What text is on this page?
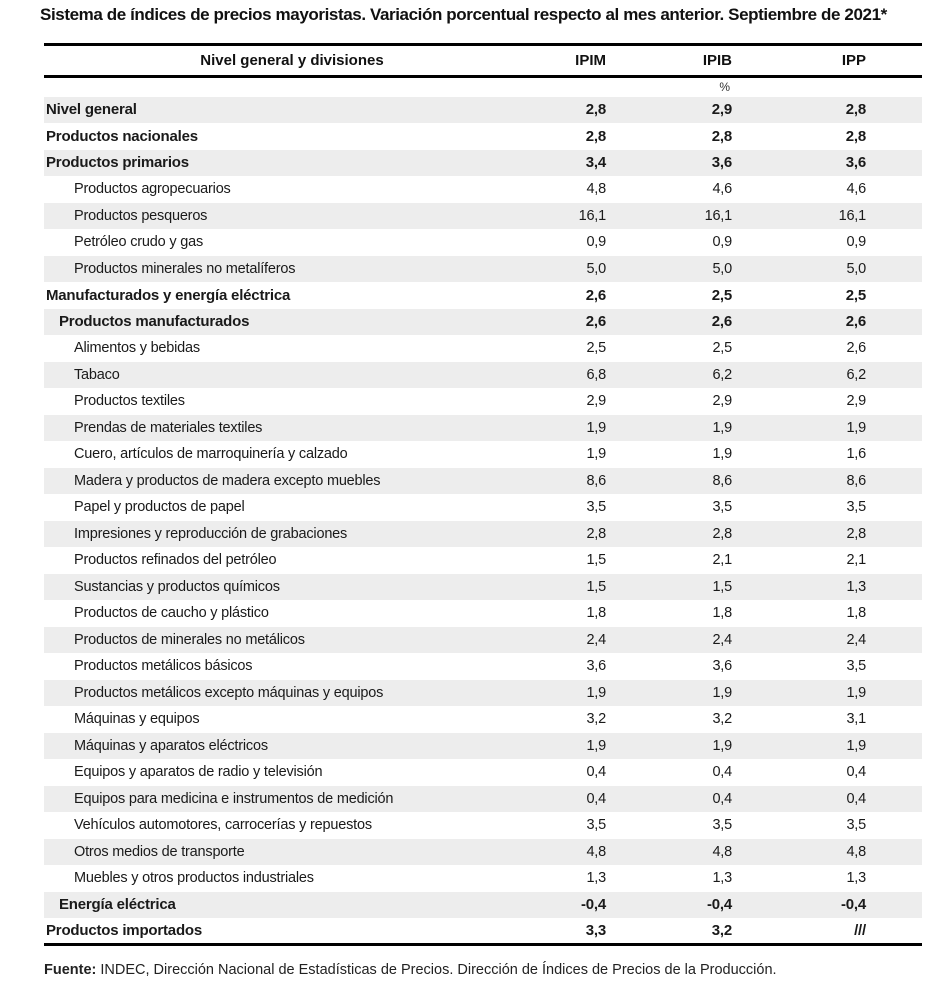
Sistema de índices de precios mayoristas. Variación porcentual respecto al mes anterior. Septiembre de 2021*
Nivel general y divisiones	IPIM	IPIB	IPP
		%	
Nivel general	2,8	2,9	2,8
Productos nacionales	2,8	2,8	2,8
Productos primarios	3,4	3,6	3,6
Productos agropecuarios	4,8	4,6	4,6
Productos pesqueros	16,1	16,1	16,1
Petróleo crudo y gas	0,9	0,9	0,9
Productos minerales no metalíferos	5,0	5,0	5,0
Manufacturados y energía eléctrica	2,6	2,5	2,5
Productos manufacturados	2,6	2,6	2,6
Alimentos y bebidas	2,5	2,5	2,6
Tabaco	6,8	6,2	6,2
Productos textiles	2,9	2,9	2,9
Prendas de materiales textiles	1,9	1,9	1,9
Cuero, artículos de marroquinería y calzado	1,9	1,9	1,6
Madera y productos de madera excepto muebles	8,6	8,6	8,6
Papel y productos de papel	3,5	3,5	3,5
Impresiones y reproducción de grabaciones	2,8	2,8	2,8
Productos refinados del petróleo	1,5	2,1	2,1
Sustancias y productos químicos	1,5	1,5	1,3
Productos de caucho y plástico	1,8	1,8	1,8
Productos de minerales no metálicos	2,4	2,4	2,4
Productos metálicos básicos	3,6	3,6	3,5
Productos metálicos excepto máquinas y equipos	1,9	1,9	1,9
Máquinas y equipos	3,2	3,2	3,1
Máquinas y aparatos eléctricos	1,9	1,9	1,9
Equipos y aparatos de radio y televisión	0,4	0,4	0,4
Equipos para medicina e instrumentos de medición	0,4	0,4	0,4
Vehículos automotores, carrocerías y repuestos	3,5	3,5	3,5
Otros medios de transporte	4,8	4,8	4,8
Muebles y otros productos industriales	1,3	1,3	1,3
Energía eléctrica	-0,4	-0,4	-0,4
Productos importados	3,3	3,2	///

Fuente: INDEC, Dirección Nacional de Estadísticas de Precios. Dirección de Índices de Precios de la Producción.
